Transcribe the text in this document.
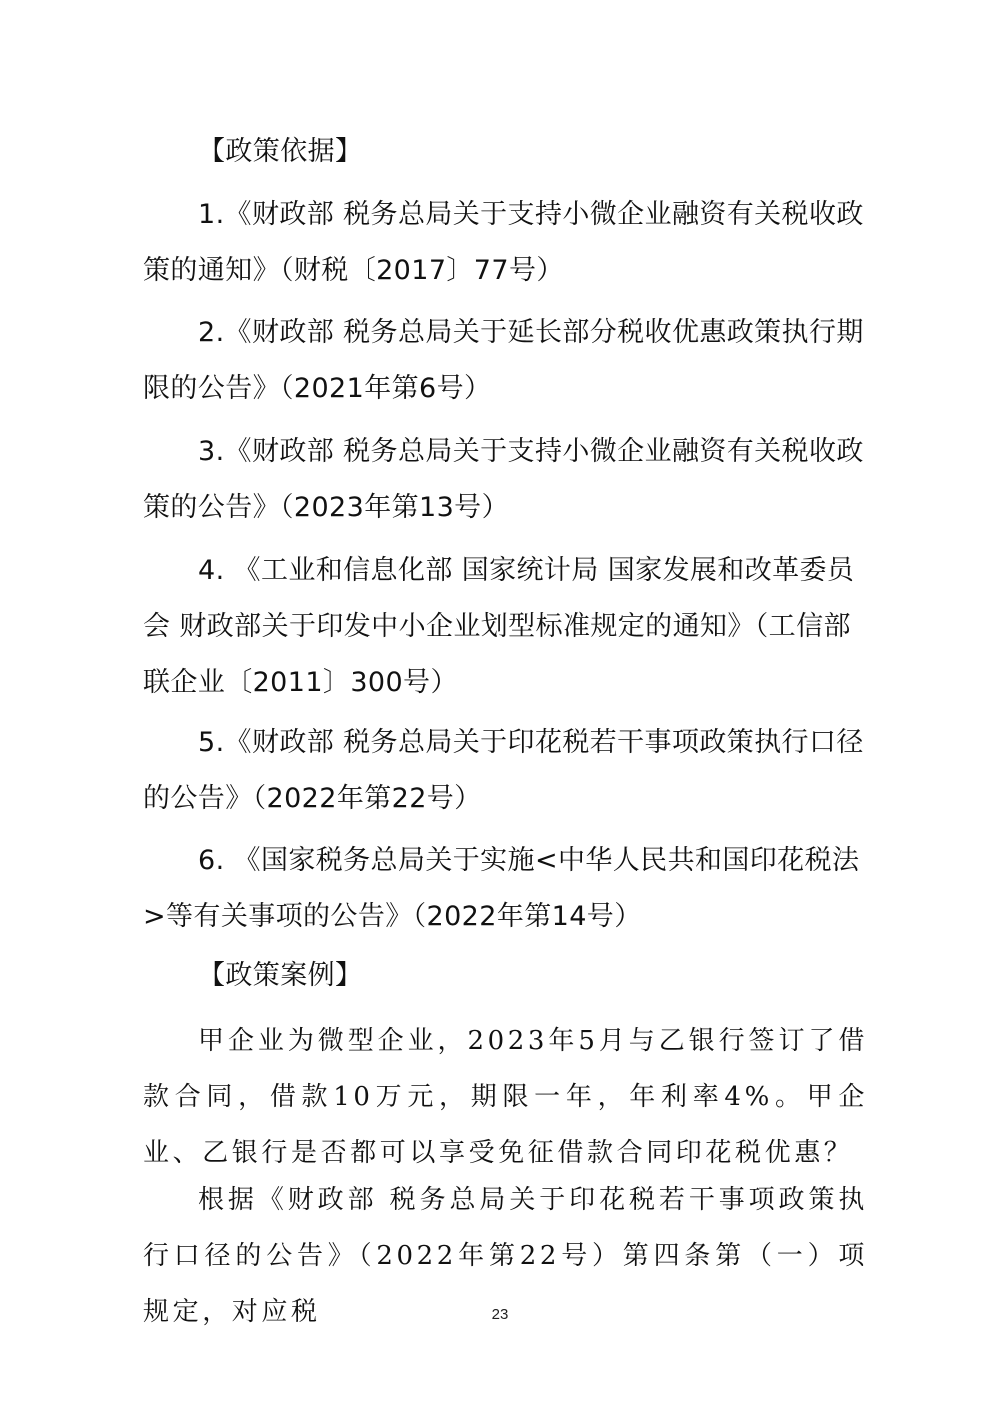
【政策依据】

1.《财政部 税务总局关于支持小微企业融资有关税收政策的通知》（财税〔2017〕77号）

2.《财政部 税务总局关于延长部分税收优惠政策执行期限的公告》（2021年第6号）

3.《财政部 税务总局关于支持小微企业融资有关税收政策的公告》（2023年第13号）

4. 《工业和信息化部 国家统计局 国家发展和改革委员会 财政部关于印发中小企业划型标准规定的通知》（工信部联企业〔2011〕300号）

5.《财政部 税务总局关于印花税若干事项政策执行口径的公告》（2022年第22号）

6. 《国家税务总局关于实施<中华人民共和国印花税法>等有关事项的公告》（2022年第14号）

【政策案例】

甲企业为微型企业，2023年5月与乙银行签订了借款合同，借款10万元，期限一年，年利率4%。甲企业、乙银行是否都可以享受免征借款合同印花税优惠？

根据《财政部 税务总局关于印花税若干事项政策执行口径的公告》（2022年第22号）第四条第（一）项规定，对应税	23
